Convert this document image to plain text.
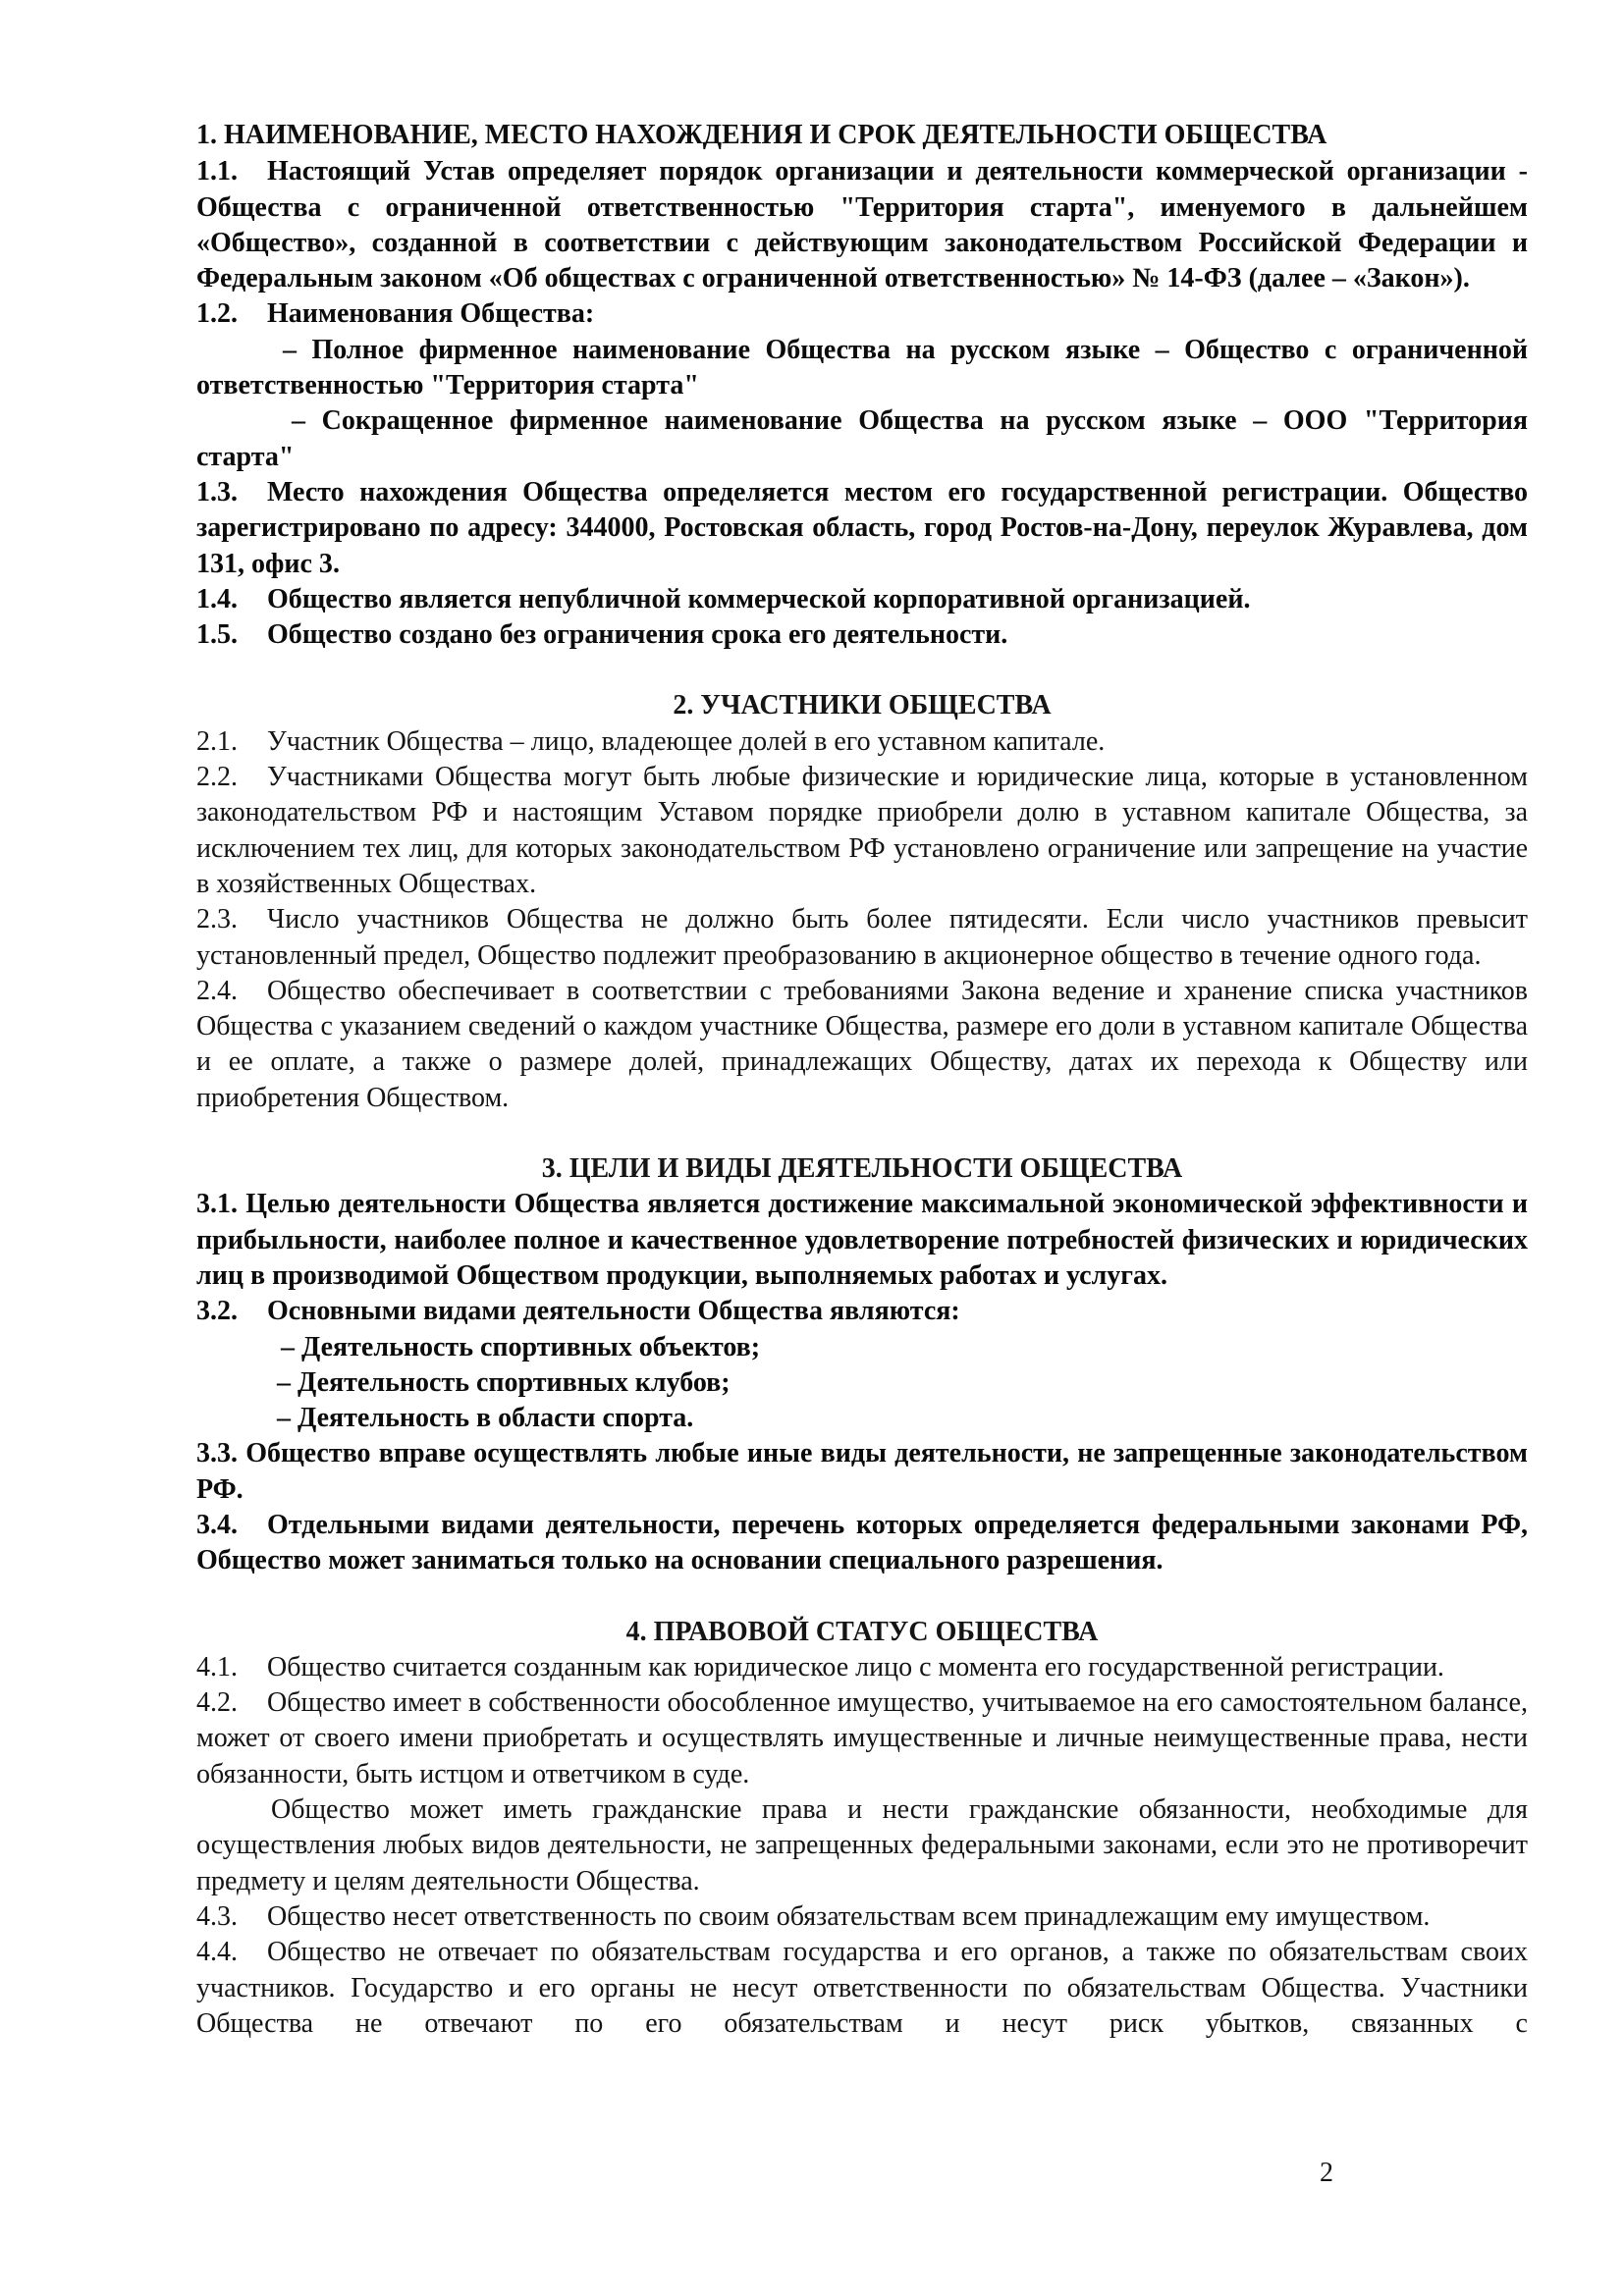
1. НАИМЕНОВАНИЕ, МЕСТО НАХОЖДЕНИЯ И СРОК ДЕЯТЕЛЬНОСТИ ОБЩЕСТВА

1.1. Настоящий Устав определяет порядок организации и деятельности коммерческой организации - Общества с ограниченной ответственностью "Территория старта", именуемого в дальнейшем «Общество», созданной в соответствии с действующим законодательством Российской Федерации и Федеральным законом «Об обществах с ограниченной ответственностью» № 14-ФЗ (далее – «Закон»).

1.2. Наименования Общества:

– Полное фирменное наименование Общества на русском языке – Общество с ограниченной ответственностью "Территория старта"

– Сокращенное фирменное наименование Общества на русском языке – ООО "Территория старта"

1.3. Место нахождения Общества определяется местом его государственной регистрации. Общество зарегистрировано по адресу: 344000, Ростовская область, город Ростов-на-Дону, переулок Журавлева, дом 131, офис 3.

1.4. Общество является непубличной коммерческой корпоративной организацией.

1.5. Общество создано без ограничения срока его деятельности.

2. УЧАСТНИКИ ОБЩЕСТВА

2.1. Участник Общества – лицо, владеющее долей в его уставном капитале.

2.2. Участниками Общества могут быть любые физические и юридические лица, которые в установленном законодательством РФ и настоящим Уставом порядке приобрели долю в уставном капитале Общества, за исключением тех лиц, для которых законодательством РФ установлено ограничение или запрещение на участие в хозяйственных Обществах.

2.3. Число участников Общества не должно быть более пятидесяти. Если число участников превысит установленный предел, Общество подлежит преобразованию в акционерное общество в течение одного года.

2.4. Общество обеспечивает в соответствии с требованиями Закона ведение и хранение списка участников Общества с указанием сведений о каждом участнике Общества, размере его доли в уставном капитале Общества и ее оплате, а также о размере долей, принадлежащих Обществу, датах их перехода к Обществу или приобретения Обществом.

3. ЦЕЛИ И ВИДЫ ДЕЯТЕЛЬНОСТИ ОБЩЕСТВА

3.1. Целью деятельности Общества является достижение максимальной экономической эффективности и прибыльности, наиболее полное и качественное удовлетворение потребностей физических и юридических лиц в производимой Обществом продукции, выполняемых работах и услугах.

3.2. Основными видами деятельности Общества являются:

– Деятельность спортивных объектов;

– Деятельность спортивных клубов;

– Деятельность в области спорта.

3.3. Общество вправе осуществлять любые иные виды деятельности, не запрещенные законодательством РФ.

3.4. Отдельными видами деятельности, перечень которых определяется федеральными законами РФ, Общество может заниматься только на основании специального разрешения.

4. ПРАВОВОЙ СТАТУС ОБЩЕСТВА

4.1. Общество считается созданным как юридическое лицо с момента его государственной регистрации.

4.2. Общество имеет в собственности обособленное имущество, учитываемое на его самостоятельном балансе, может от своего имени приобретать и осуществлять имущественные и личные неимущественные права, нести обязанности, быть истцом и ответчиком в суде.

Общество может иметь гражданские права и нести гражданские обязанности, необходимые для осуществления любых видов деятельности, не запрещенных федеральными законами, если это не противоречит предмету и целям деятельности Общества.

4.3. Общество несет ответственность по своим обязательствам всем принадлежащим ему имуществом.

4.4. Общество не отвечает по обязательствам государства и его органов, а также по обязательствам своих участников. Государство и его органы не несут ответственности по обязательствам Общества. Участники Общества не отвечают по его обязательствам и несут риск убытков, связанных с

2
